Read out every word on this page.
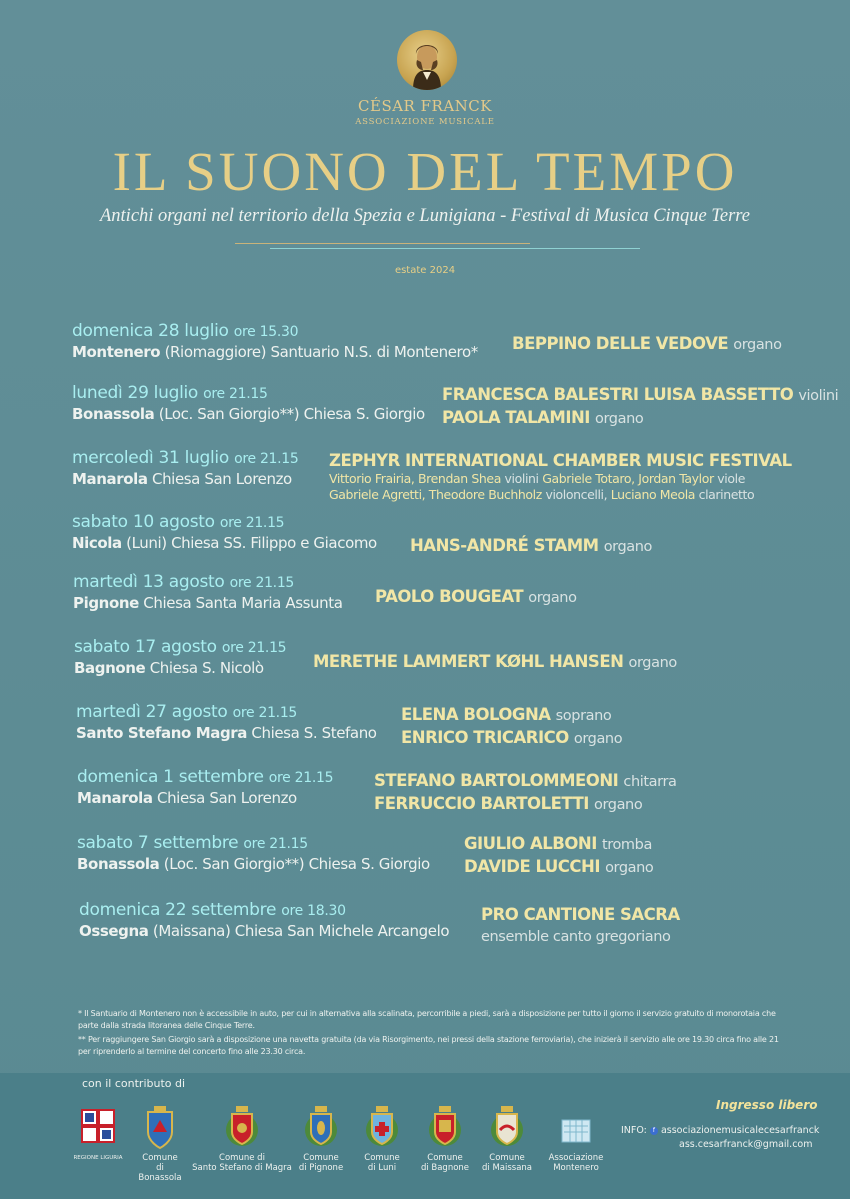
CÉSAR FRANCK
ASSOCIAZIONE MUSICALE
IL SUONO DEL TEMPO
Antichi organi nel territorio della Spezia e Lunigiana - Festival di Musica Cinque Terre
estate 2024
domenica 28 luglio ore 15.30
Montenero (Riomaggiore) Santuario N.S. di Montenero* BEPPINO DELLE VEDOVE organo
lunedì 29 luglio ore 21.15
Bonassola (Loc. San Giorgio**) Chiesa S. Giorgio
FRANCESCA BALESTRI LUISA BASSETTO violini
PAOLA TALAMINI organo
mercoledì 31 luglio ore 21.15
Manarola Chiesa San Lorenzo
ZEPHYR INTERNATIONAL CHAMBER MUSIC FESTIVAL
Vittorio Frairia, Brendan Shea violini Gabriele Totaro, Jordan Taylor viole
Gabriele Agretti, Theodore Buchholz violoncelli, Luciano Meola clarinetto
sabato 10 agosto ore 21.15
Nicola (Luni) Chiesa SS. Filippo e Giacomo HANS-ANDRÉ STAMM organo
martedì 13 agosto ore 21.15
Pignone Chiesa Santa Maria Assunta PAOLO BOUGEAT organo
sabato 17 agosto ore 21.15
Bagnone Chiesa S. Nicolò	MERETHE LAMMERT KØHL HANSEN organo
martedì 27 agosto ore 21.15
Santo Stefano Magra Chiesa S. Stefano
ELENA BOLOGNA soprano
ENRICO TRICARICO organo
domenica 1 settembre ore 21.15
Manarola Chiesa San Lorenzo
STEFANO BARTOLOMMEONI chitarra
FERRUCCIO BARTOLETTI organo
sabato 7 settembre ore 21.15
Bonassola (Loc. San Giorgio**) Chiesa S. Giorgio
GIULIO ALBONI tromba
DAVIDE LUCCHI organo
domenica 22 settembre ore 18.30
Ossegna (Maissana) Chiesa San Michele Arcangelo
PRO CANTIONE SACRA
ensemble canto gregoriano

* Il Santuario di Montenero non è accessibile in auto, per cui in alternativa alla scalinata, percorribile a piedi, sarà a disposizione per tutto il giorno il servizio gratuito di monorotaia che parte dalla strada litoranea delle Cinque Terre.

** Per raggiungere San Giorgio sarà a disposizione una navetta gratuita (da via Risorgimento, nei pressi della stazione ferroviaria), che inizierà il servizio alle ore 19.30 circa fino alle 21 per riprenderlo al termine del concerto fino alle 23.30 circa.

con il contributo di
REGIONE LIGURIA	Comune
di Bonassola
Comune di
Santo Stefano di Magra
Comune
di Pignone
Comune
di Luni
Comune
di Bagnone
Comune
di Maissana
Associazione
Montenero
Ingresso libero
INFO: f associazionemusicalecesarfranck
ass.cesarfranck@gmail.com
